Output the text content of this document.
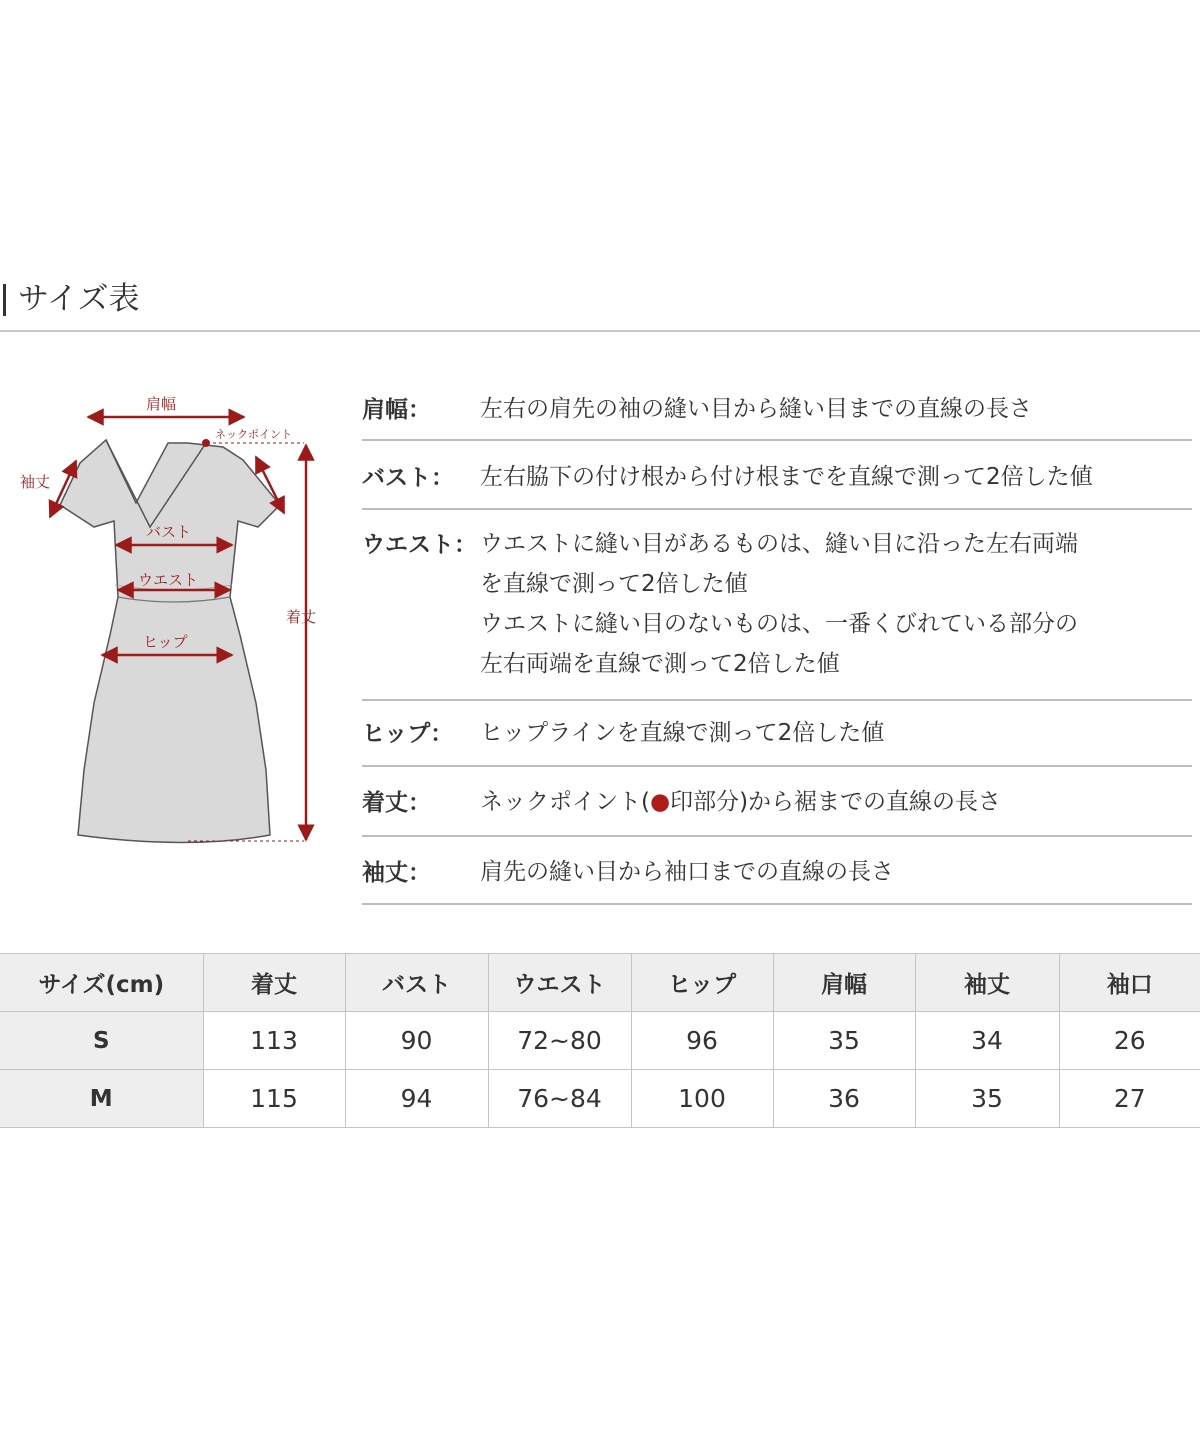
サイズ表
肩幅
ネックポイント
袖丈
バスト
ウエスト
ヒップ
着丈
肩幅： 左右の肩先の袖の縫い目から縫い目までの直線の長さ
バスト： 左右脇下の付け根から付け根までを直線で測って2倍した値
ウエスト： ウエストに縫い目があるものは、縫い目に沿った左右両端
を直線で測って2倍した値
ウエストに縫い目のないものは、一番くびれている部分の
左右両端を直線で測って2倍した値
ヒップ： ヒップラインを直線で測って2倍した値
着丈： ネックポイント(●印部分)から裾までの直線の長さ
袖丈： 肩先の縫い目から袖口までの直線の長さ
サイズ(cm)	着丈	バスト	ウエスト	ヒップ	肩幅	袖丈	袖口
S	113	90	72~80	96	35	34	26
M	115	94	76~84	100	36	35	27
